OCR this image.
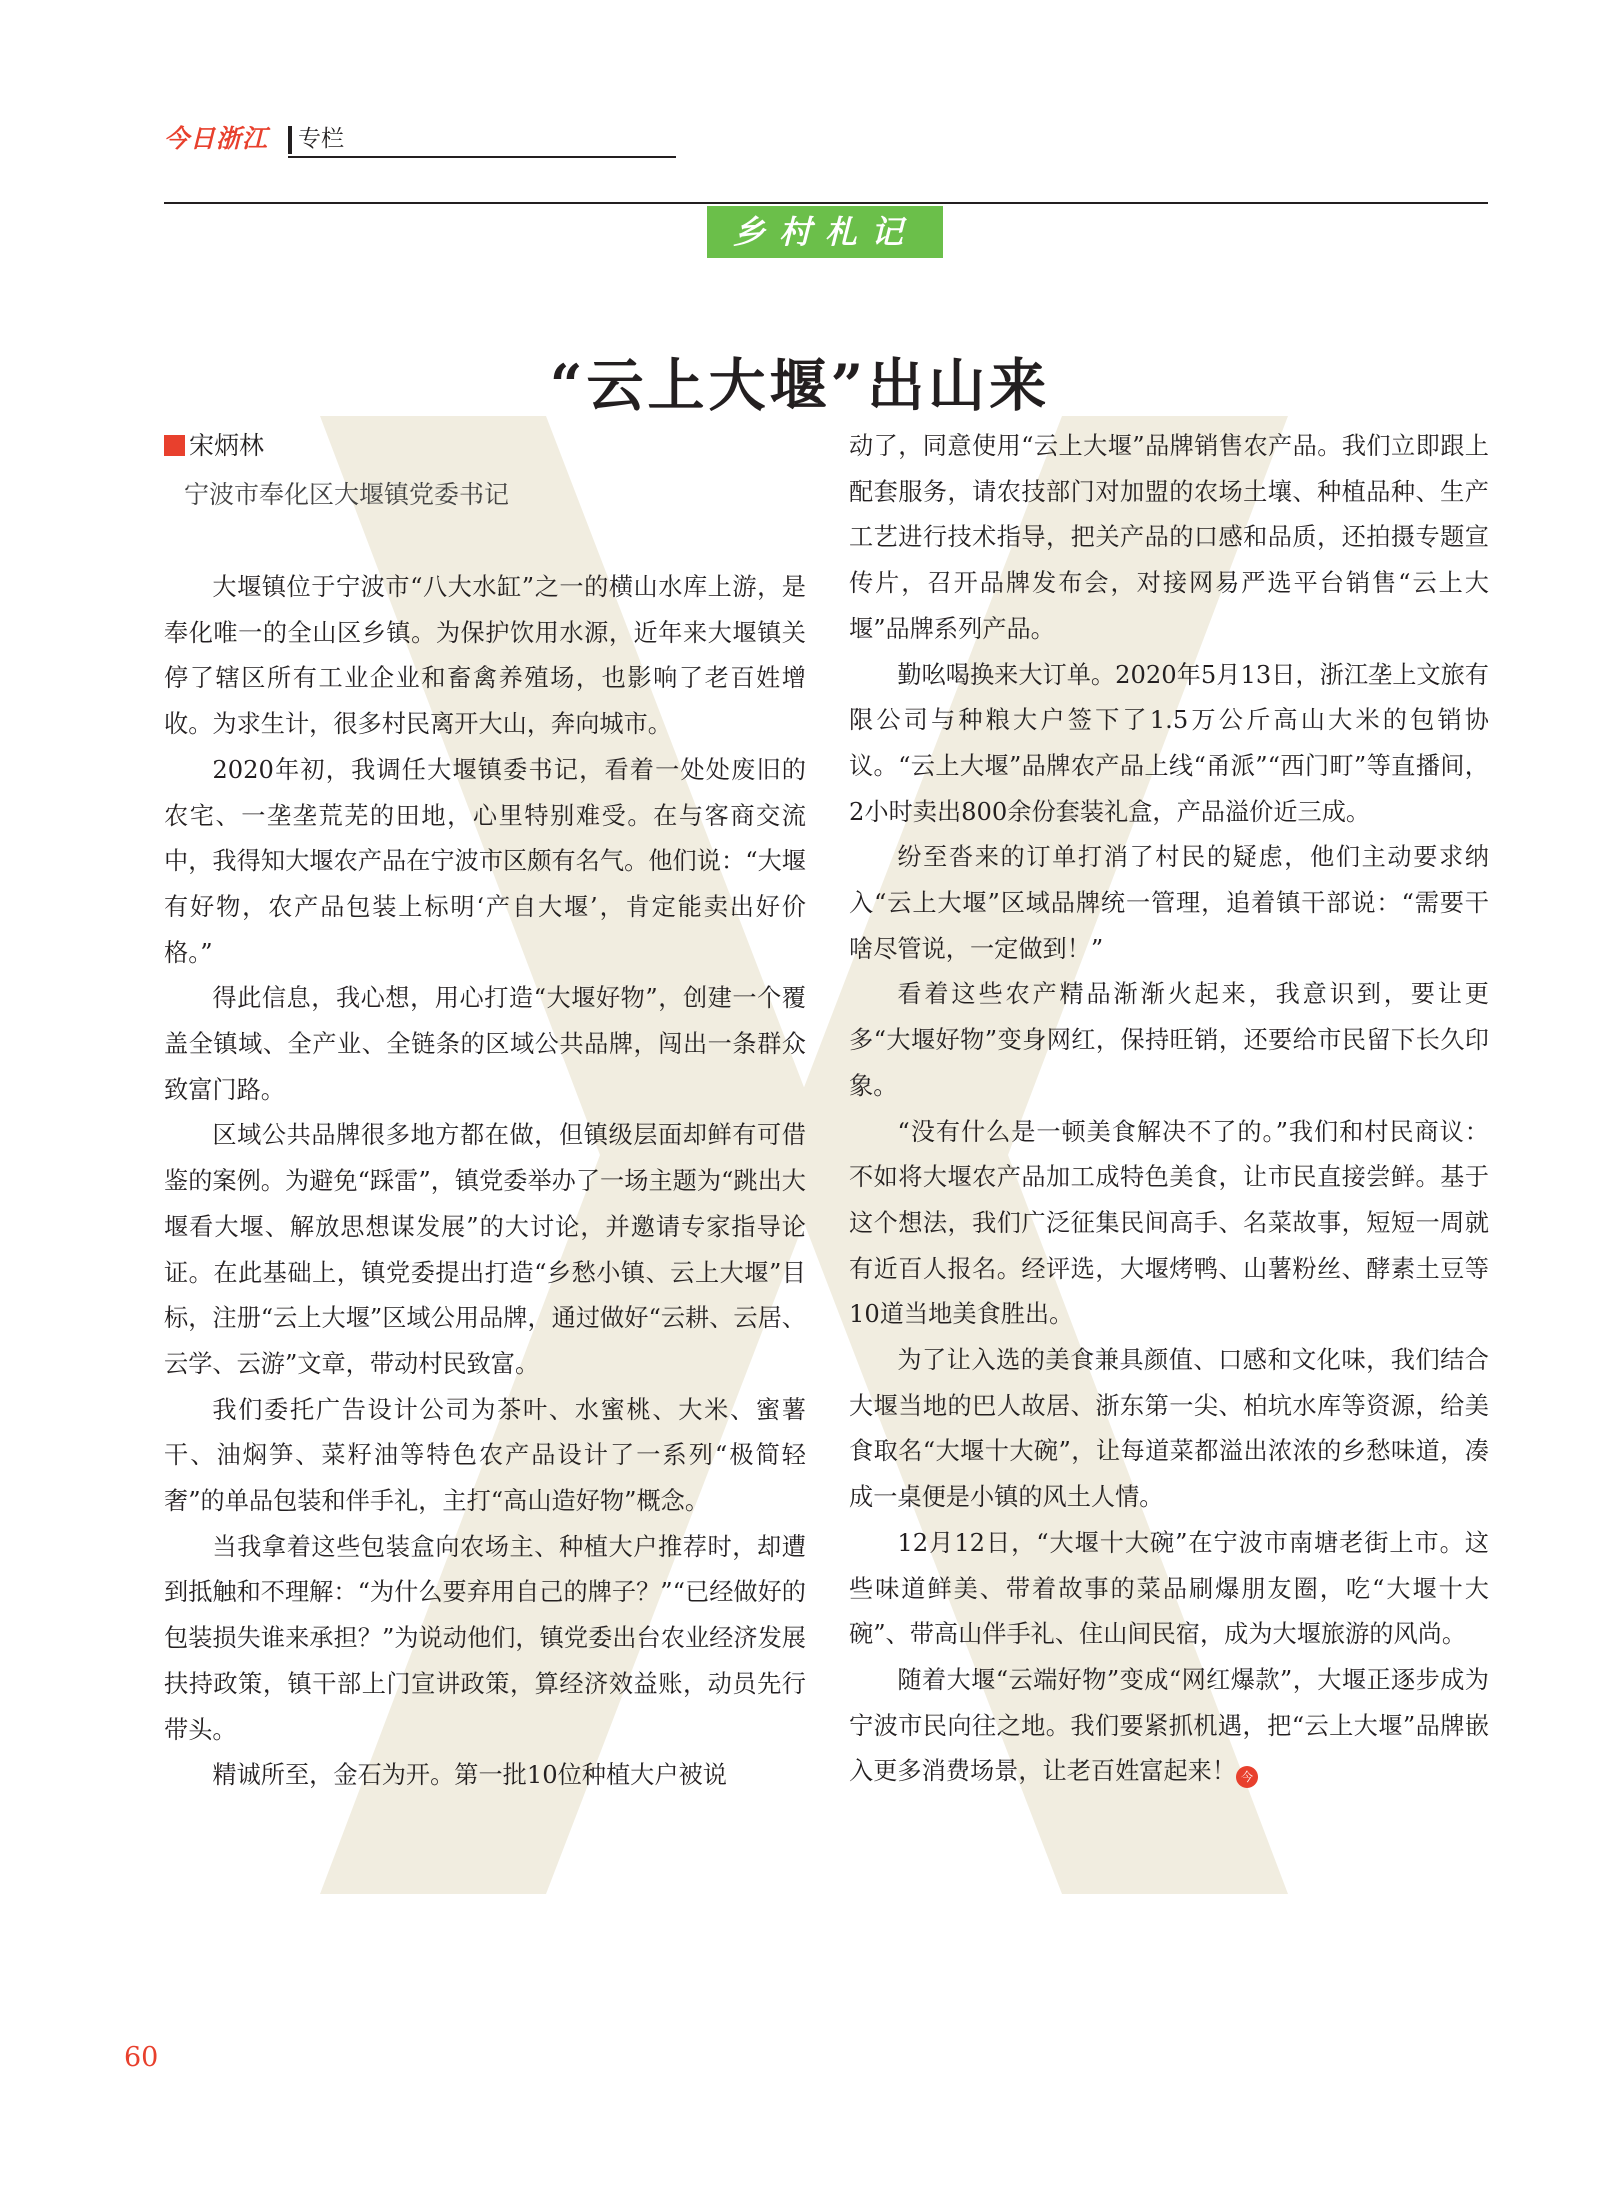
今日浙江	专栏
乡村札记
“云上大堰”出山来
宋炳林
宁波市奉化区大堰镇党委书记

大堰镇位于宁波市“八大水缸”之一的横山水库上游，是奉化唯一的全山区乡镇。为保护饮用水源，近年来大堰镇关停了辖区所有工业企业和畜禽养殖场，也影响了老百姓增收。为求生计，很多村民离开大山，奔向城市。

2020年初，我调任大堰镇委书记，看着一处处废旧的农宅、一垄垄荒芜的田地，心里特别难受。在与客商交流中，我得知大堰农产品在宁波市区颇有名气。他们说：“大堰有好物，农产品包装上标明‘产自大堰’，肯定能卖出好价格。”

得此信息，我心想，用心打造“大堰好物”，创建一个覆盖全镇域、全产业、全链条的区域公共品牌，闯出一条群众致富门路。

区域公共品牌很多地方都在做，但镇级层面却鲜有可借鉴的案例。为避免“踩雷”，镇党委举办了一场主题为“跳出大堰看大堰、解放思想谋发展”的大讨论，并邀请专家指导论证。在此基础上，镇党委提出打造“乡愁小镇、云上大堰”目标，注册“云上大堰”区域公用品牌，通过做好“云耕、云居、云学、云游”文章，带动村民致富。

我们委托广告设计公司为茶叶、水蜜桃、大米、蜜薯干、油焖笋、菜籽油等特色农产品设计了一系列“极简轻奢”的单品包装和伴手礼，主打“高山造好物”概念。

当我拿着这些包装盒向农场主、种植大户推荐时，却遭到抵触和不理解：“为什么要弃用自己的牌子？”“已经做好的包装损失谁来承担？”为说动他们，镇党委出台农业经济发展扶持政策，镇干部上门宣讲政策，算经济效益账，动员先行带头。

精诚所至，金石为开。第一批10位种植大户被说

动了，同意使用“云上大堰”品牌销售农产品。我们立即跟上配套服务，请农技部门对加盟的农场土壤、种植品种、生产工艺进行技术指导，把关产品的口感和品质，还拍摄专题宣传片，召开品牌发布会，对接网易严选平台销售“云上大堰”品牌系列产品。

勤吆喝换来大订单。2020年5月13日，浙江垄上文旅有限公司与种粮大户签下了1.5万公斤高山大米的包销协议。“云上大堰”品牌农产品上线“甬派”“西门町”等直播间，2小时卖出800余份套装礼盒，产品溢价近三成。

纷至沓来的订单打消了村民的疑虑，他们主动要求纳入“云上大堰”区域品牌统一管理，追着镇干部说：“需要干啥尽管说，一定做到！”

看着这些农产精品渐渐火起来，我意识到，要让更多“大堰好物”变身网红，保持旺销，还要给市民留下长久印象。

“没有什么是一顿美食解决不了的。”我们和村民商议：不如将大堰农产品加工成特色美食，让市民直接尝鲜。基于这个想法，我们广泛征集民间高手、名菜故事，短短一周就有近百人报名。经评选，大堰烤鸭、山薯粉丝、酵素土豆等10道当地美食胜出。

为了让入选的美食兼具颜值、口感和文化味，我们结合大堰当地的巴人故居、浙东第一尖、柏坑水库等资源，给美食取名“大堰十大碗”，让每道菜都溢出浓浓的乡愁味道，凑成一桌便是小镇的风土人情。

12月12日，“大堰十大碗”在宁波市南塘老街上市。这些味道鲜美、带着故事的菜品刷爆朋友圈，吃“大堰十大碗”、带高山伴手礼、住山间民宿，成为大堰旅游的风尚。

随着大堰“云端好物”变成“网红爆款”，大堰正逐步成为宁波市民向往之地。我们要紧抓机遇，把“云上大堰”品牌嵌入更多消费场景，让老百姓富起来！ 今

60
